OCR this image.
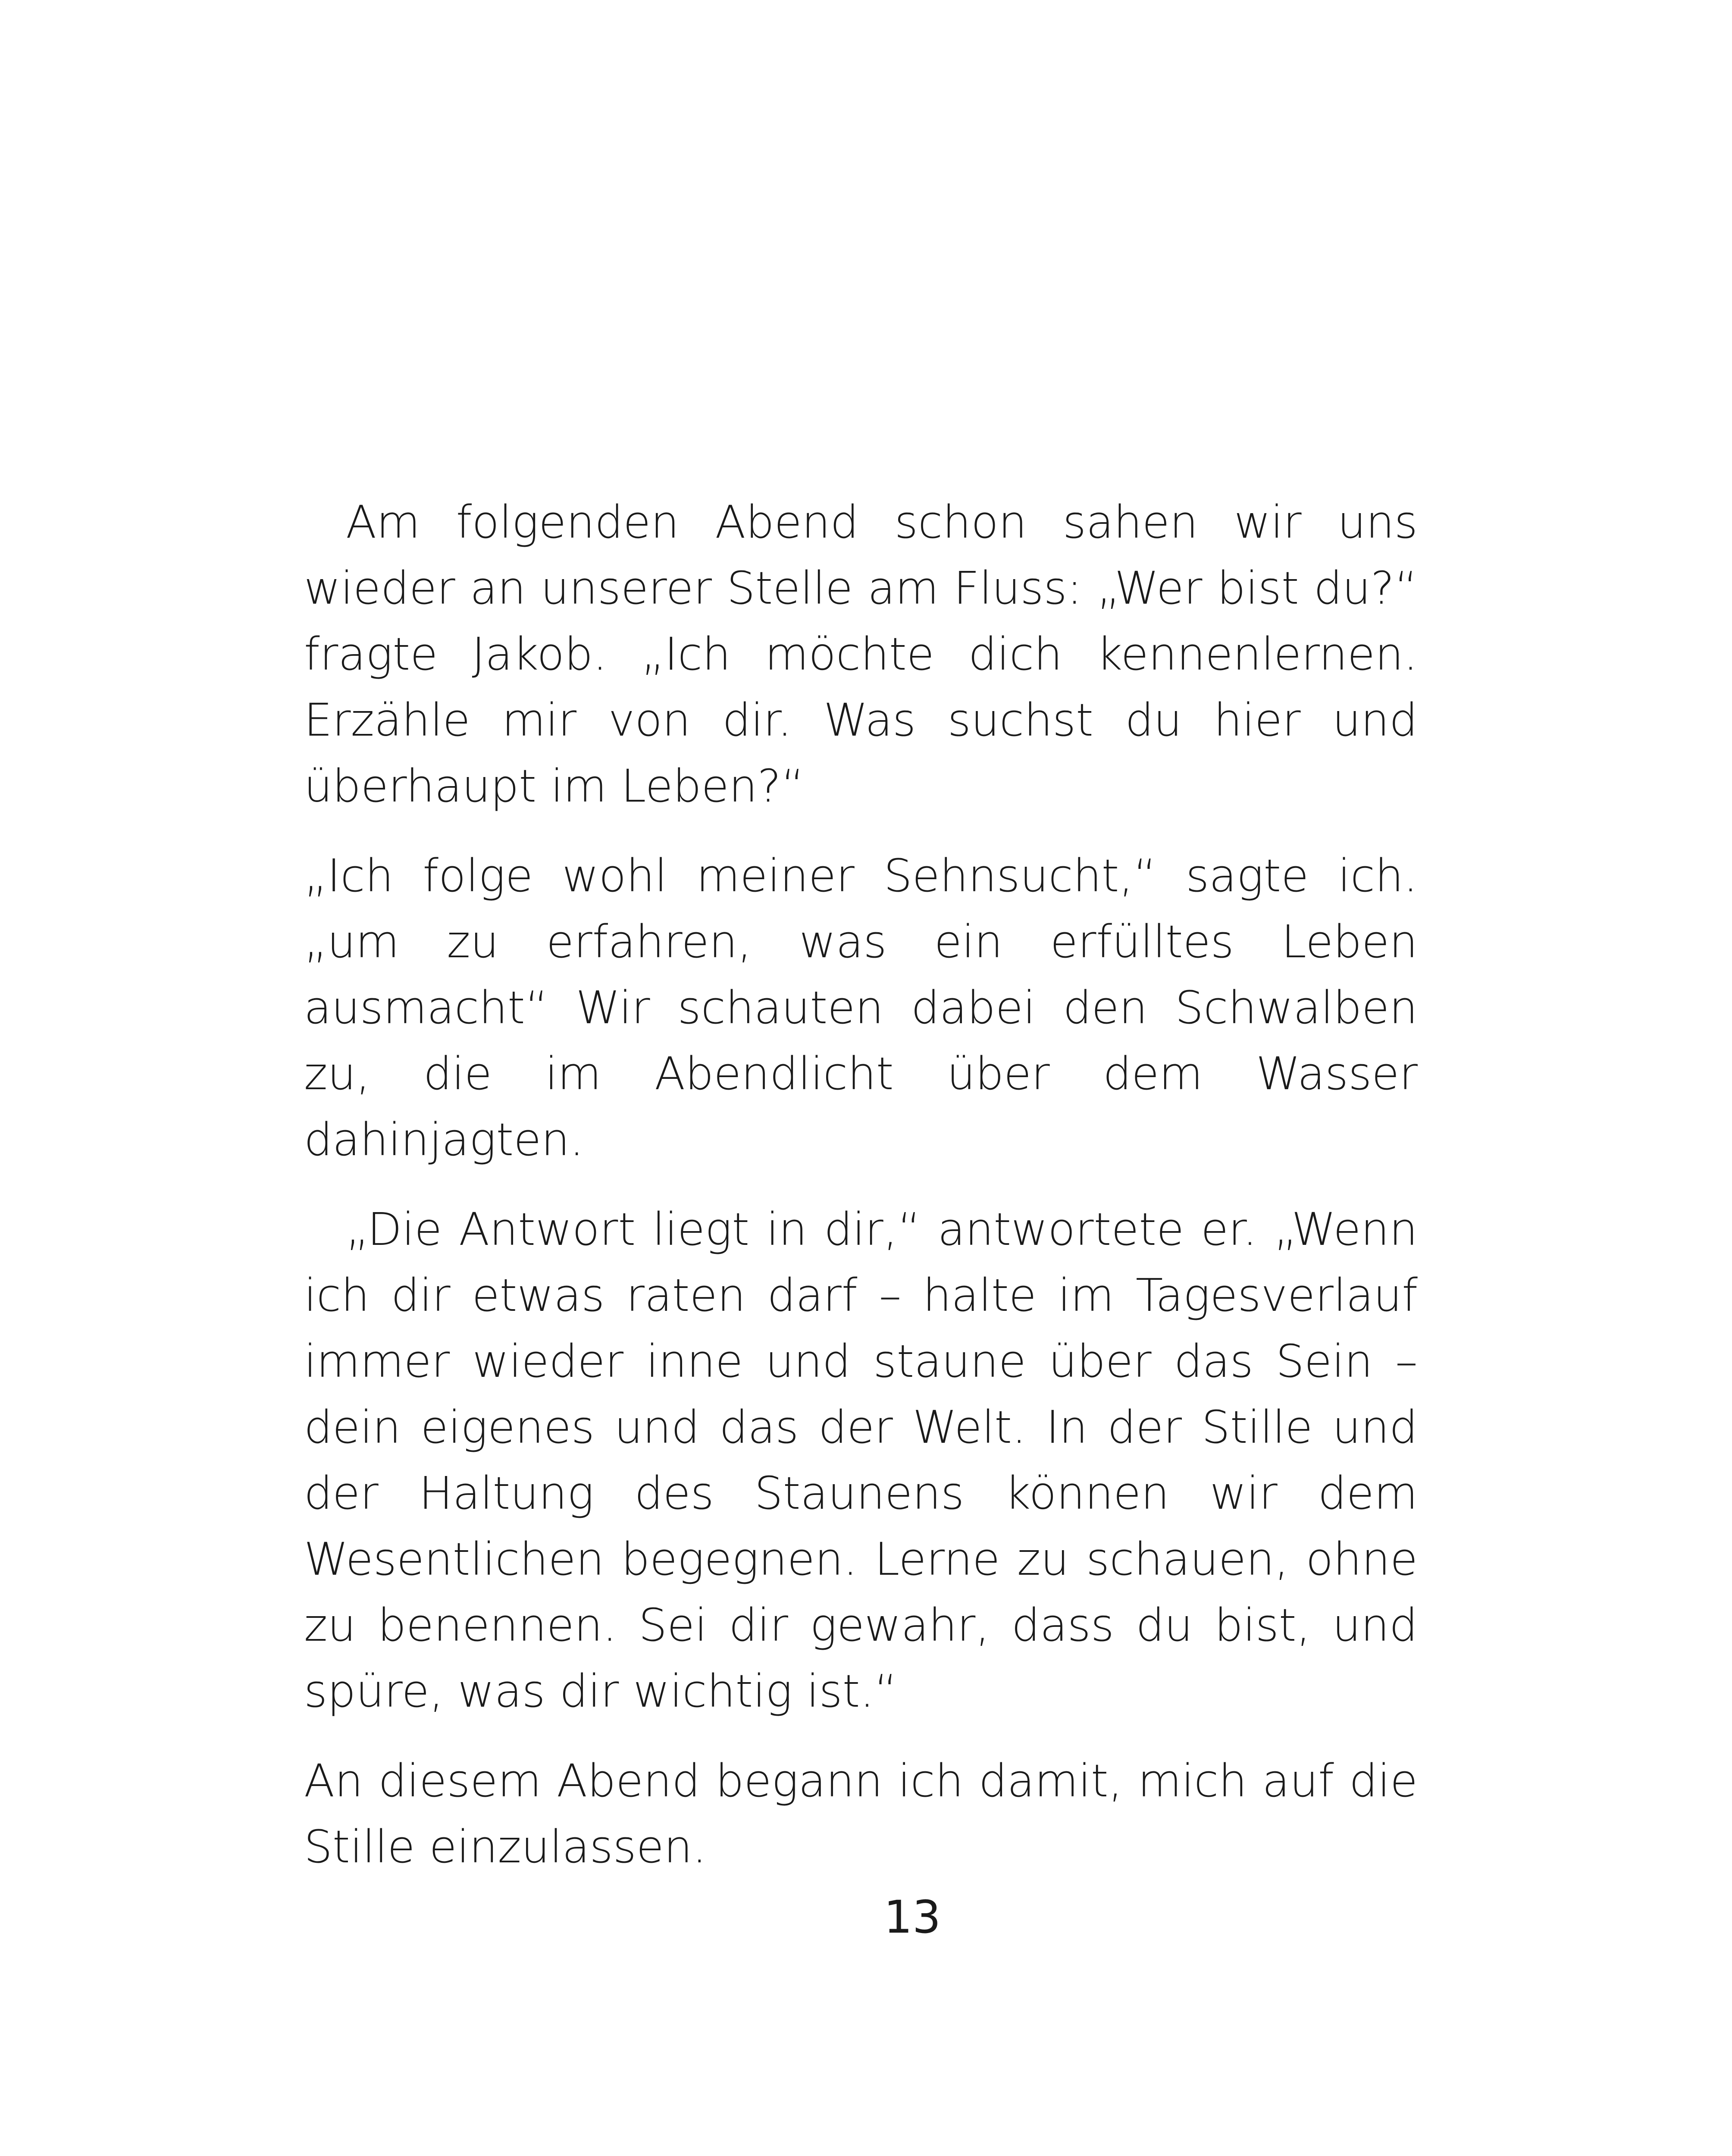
Am folgenden Abend schon sahen wir uns wieder an unserer Stelle am Fluss: „Wer bist du?“ fragte Jakob. „Ich möchte dich kennenlernen. Erzähle mir von dir. Was suchst du hier und überhaupt im Leben?“

„Ich folge wohl meiner Sehnsucht,“ sagte ich. „um zu erfahren, was ein erfülltes Leben ausmacht“ Wir schauten dabei den Schwalben zu, die im Abendlicht über dem Wasser dahinjagten.

„Die Antwort liegt in dir,“ antwortete er. „Wenn ich dir etwas raten darf – halte im Tagesverlauf immer wieder inne und staune über das Sein – dein eigenes und das der Welt. In der Stille und der Haltung des Staunens können wir dem Wesentlichen begegnen. Lerne zu schauen, ohne zu benennen. Sei dir gewahr, dass du bist, und spüre, was dir wichtig ist.“

An diesem Abend begann ich damit, mich auf die Stille einzulassen.

13
